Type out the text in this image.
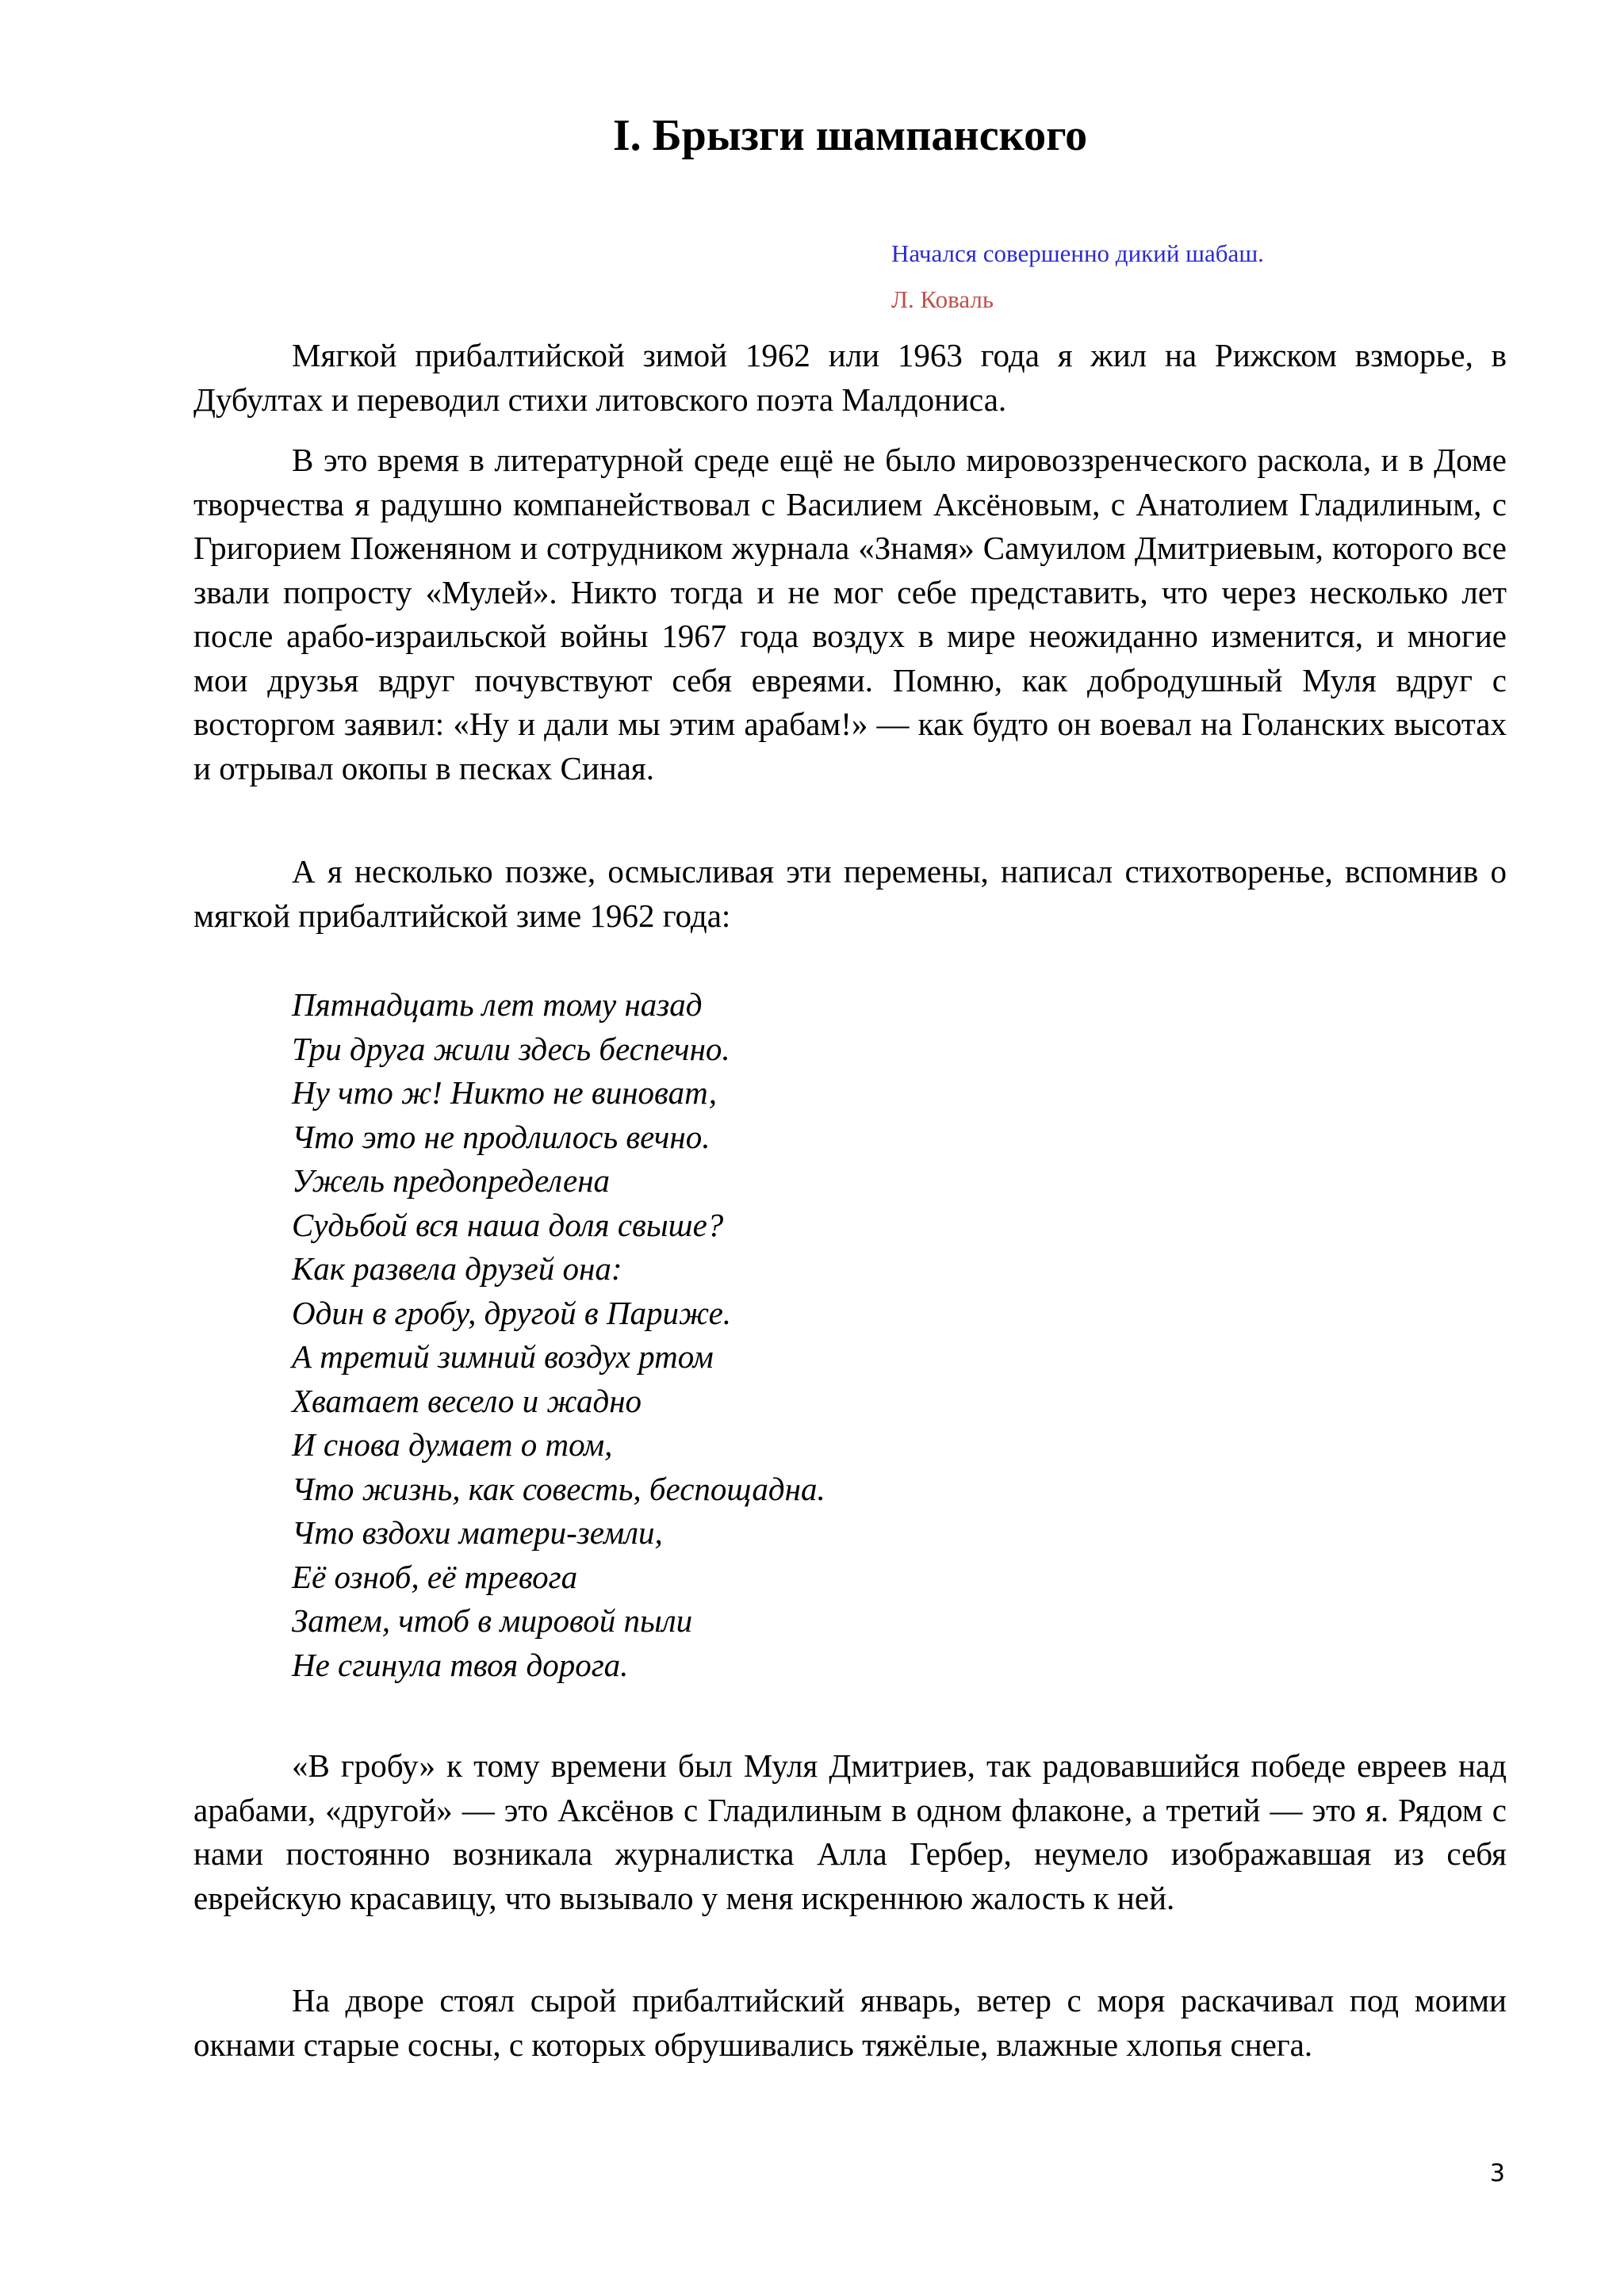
I. Брызги шампанского

Начался совершенно дикий шабаш.

Л. Коваль

Мягкой прибалтийской зимой 1962 или 1963 года я жил на Рижском взморье, в Дубултах и переводил стихи литовского поэта Малдониса.

В это время в литературной среде ещё не было мировоззренческого раскола, и в Доме творчества я радушно компанействовал с Василием Аксёновым, с Анатолием Гладилиным, с Григорием Поженяном и сотрудником журнала «Знамя» Самуилом Дмитриевым, которого все звали попросту «Мулей». Никто тогда и не мог себе представить, что через несколько лет после арабо-израильской войны 1967 года воздух в мире неожиданно изменится, и многие мои друзья вдруг почувствуют себя евреями. Помню, как добродушный Муля вдруг с восторгом заявил: «Ну и дали мы этим арабам!» — как будто он воевал на Голанских высотах и отрывал окопы в песках Синая.

А я несколько позже, осмысливая эти перемены, написал стихотворенье, вспомнив о мягкой прибалтийской зиме 1962 года:

Пятнадцать лет тому назад
Три друга жили здесь беспечно.
Ну что ж! Никто не виноват,
Что это не продлилось вечно.
Ужель предопределена
Судьбой вся наша доля свыше?
Как развела друзей она:
Один в гробу, другой в Париже.
А третий зимний воздух ртом
Хватает весело и жадно
И снова думает о том,
Что жизнь, как совесть, беспощадна.
Что вздохи матери-земли,
Её озноб, её тревога
Затем, чтоб в мировой пыли
Не сгинула твоя дорога.

«В гробу» к тому времени был Муля Дмитриев, так радовавшийся победе евреев над арабами, «другой» — это Аксёнов с Гладилиным в одном флаконе, а третий — это я. Рядом с нами постоянно возникала журналистка Алла Гербер, неумело изображавшая из себя еврейскую красавицу, что вызывало у меня искреннюю жалость к ней.

На дворе стоял сырой прибалтийский январь, ветер с моря раскачивал под моими окнами старые сосны, с которых обрушивались тяжёлые, влажные хлопья снега.

3
